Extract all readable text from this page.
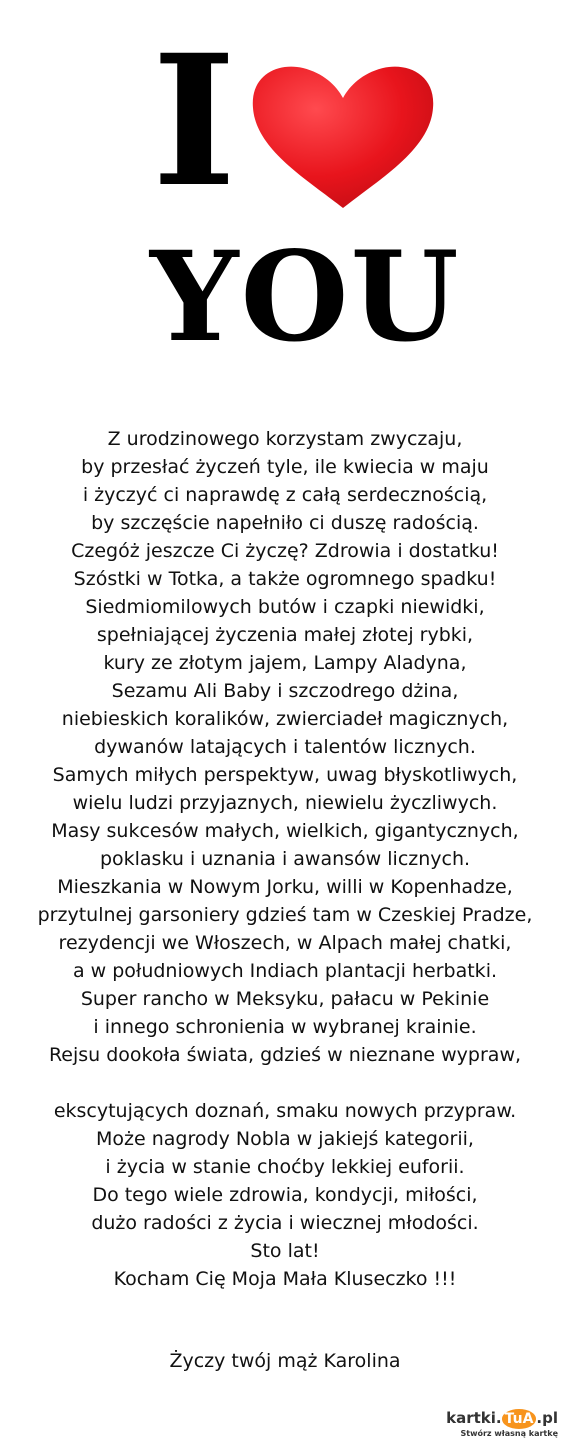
I
YOU
Z urodzinowego korzystam zwyczaju,
by przesłać życzeń tyle, ile kwiecia w maju
i życzyć ci naprawdę z całą serdecznością,
by szczęście napełniło ci duszę radością.
Czegóż jeszcze Ci życzę? Zdrowia i dostatku!
Szóstki w Totka, a także ogromnego spadku!
Siedmiomilowych butów i czapki niewidki,
spełniającej życzenia małej złotej rybki,
kury ze złotym jajem, Lampy Aladyna,
Sezamu Ali Baby i szczodrego dżina,
niebieskich koralików, zwierciadeł magicznych,
dywanów latających i talentów licznych.
Samych miłych perspektyw, uwag błyskotliwych,
wielu ludzi przyjaznych, niewielu życzliwych.
Masy sukcesów małych, wielkich, gigantycznych,
poklasku i uznania i awansów licznych.
Mieszkania w Nowym Jorku, willi w Kopenhadze,
przytulnej garsoniery gdzieś tam w Czeskiej Pradze,
rezydencji we Włoszech, w Alpach małej chatki,
a w południowych Indiach plantacji herbatki.
Super rancho w Meksyku, pałacu w Pekinie
i innego schronienia w wybranej krainie.
Rejsu dookoła świata, gdzieś w nieznane wypraw,
ekscytujących doznań, smaku nowych przypraw.
Może nagrody Nobla w jakiejś kategorii,
i życia w stanie choćby lekkiej euforii.
Do tego wiele zdrowia, kondycji, miłości,
dużo radości z życia i wiecznej młodości.
Sto lat!
Kocham Cię Moja Mała Kluseczko !!!
Życzy twój mąż Karolina
kartki. TuA .pl
Stwórz własną kartkę
